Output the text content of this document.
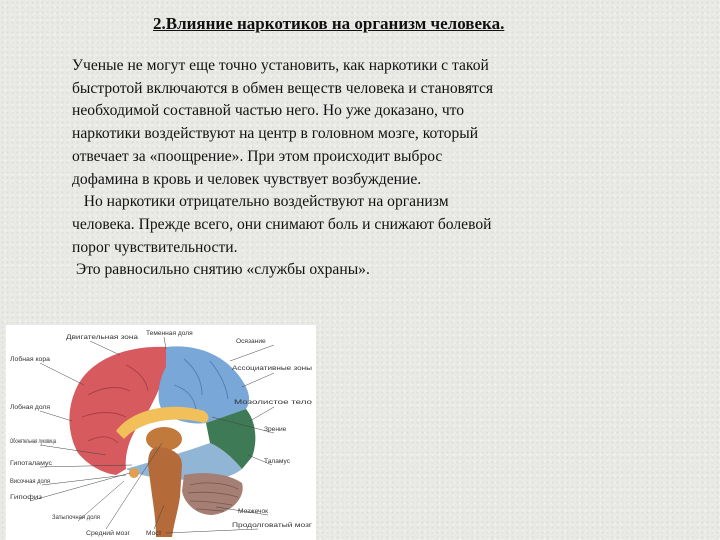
2.Влияние наркотиков на организм человека.

Ученые не могут еще точно установить, как наркотики с такой

быстротой включаются в обмен веществ человека и становятся

необходимой составной частью него. Но уже доказано, что

наркотики воздействуют на центр в головном мозге, который

отвечает за «поощрение». При этом происходит выброс

дофамина в кровь и человек чувствует возбуждение.

Но наркотики отрицательно воздействуют на организм

человека. Прежде всего, они снимают боль и снижают болевой

порог чувствительности.

Это равносильно снятию «службы охраны».

Теменная доля
Осязание
Ассоциативные зоны
Мозолистое тело
Зрение
Таламус
Мозжечок
Продолговатый мозг
Двигательная зона
Лобная кора
Лобная доля
Обонятельная луковица
Гипоталамус
Височная доля
Гипофиз
Затылочная доля
Средний мозг	Мост
